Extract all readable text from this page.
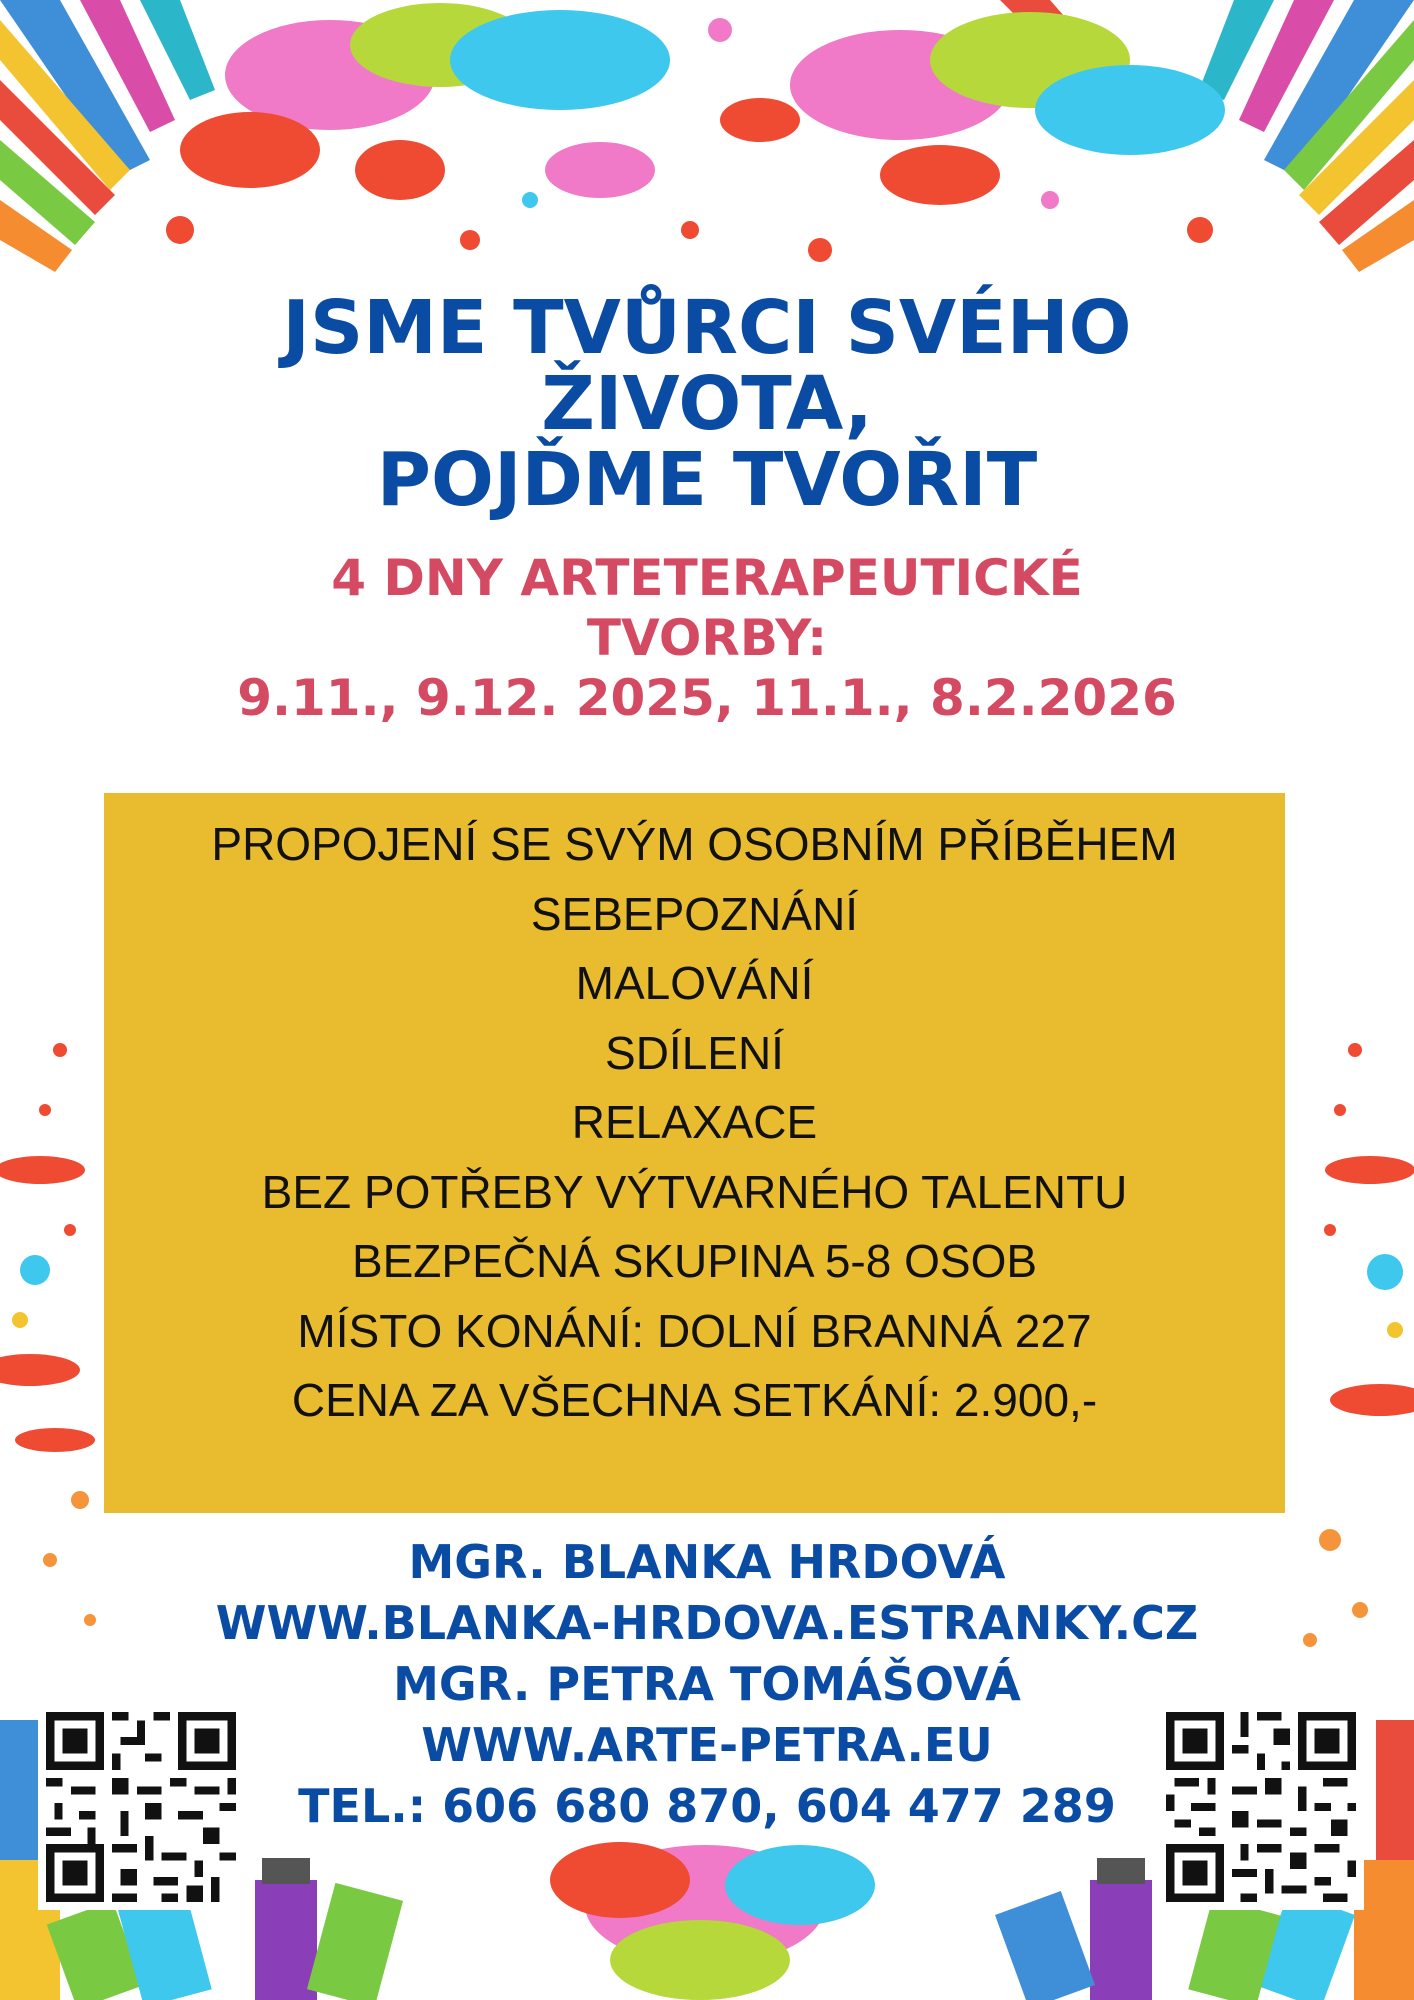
JSME TVŮRCI SVÉHO
ŽIVOTA,
POJĎME TVOŘIT
4 DNY ARTETERAPEUTICKÉ
TVORBY:
9.11., 9.12. 2025, 11.1., 8.2.2026
PROPOJENÍ SE SVÝM OSOBNÍM PŘÍBĚHEM
SEBEPOZNÁNÍ
MALOVÁNÍ
SDÍLENÍ
RELAXACE
BEZ POTŘEBY VÝTVARNÉHO TALENTU
BEZPEČNÁ SKUPINA 5-8 OSOB
MÍSTO KONÁNÍ: DOLNÍ BRANNÁ 227
CENA ZA VŠECHNA SETKÁNÍ: 2.900,-
MGR. BLANKA HRDOVÁ
WWW.BLANKA-HRDOVA.ESTRANKY.CZ
MGR. PETRA TOMÁŠOVÁ
WWW.ARTE-PETRA.EU
TEL.: 606 680 870, 604 477 289
